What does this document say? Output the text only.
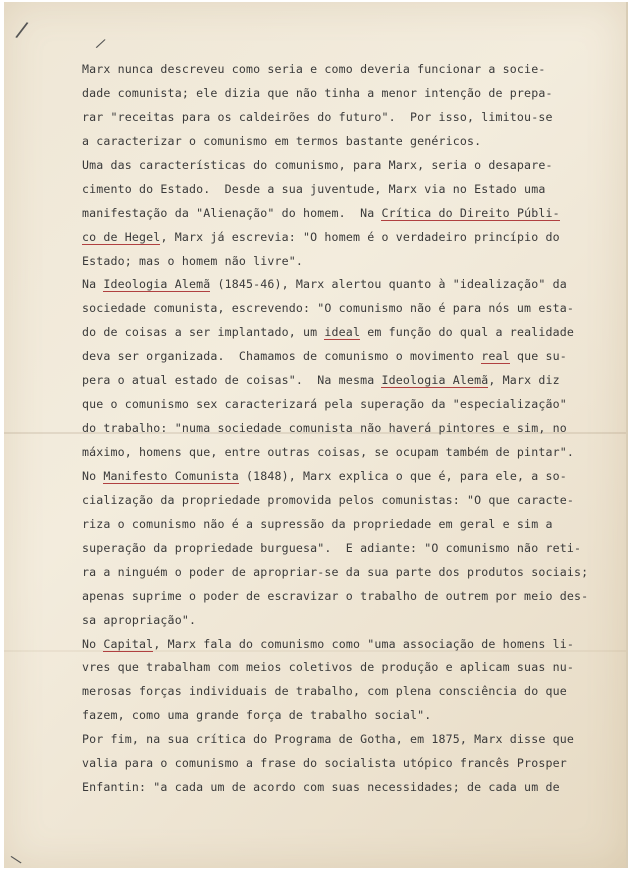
/
/
\
Marx nunca descreveu como seria e como deveria funcionar a socie-
dade comunista; ele dizia que não tinha a menor intenção de prepa-
rar "receitas para os caldeirões do futuro".  Por isso, limitou-se
a caracterizar o comunismo em termos bastante genéricos.
Uma das características do comunismo, para Marx, seria o desapare-
cimento do Estado.  Desde a sua juventude, Marx via no Estado uma
manifestação da "Alienação" do homem.  Na Crítica do Direito Públi-
co de Hegel, Marx já escrevia: "O homem é o verdadeiro princípio do
Estado; mas o homem não livre".
Na Ideologia Alemã (1845-46), Marx alertou quanto à "idealização" da
sociedade comunista, escrevendo: "O comunismo não é para nós um esta-
do de coisas a ser implantado, um ideal em função do qual a realidade
deva ser organizada.  Chamamos de comunismo o movimento real que su-
pera o atual estado de coisas".  Na mesma Ideologia Alemã, Marx diz
que o comunismo sex caracterizará pela superação da "especialização"
do trabalho: "numa sociedade comunista não haverá pintores e sim, no
máximo, homens que, entre outras coisas, se ocupam também de pintar".
No Manifesto Comunista (1848), Marx explica o que é, para ele, a so-
cialização da propriedade promovida pelos comunistas: "O que caracte-
riza o comunismo não é a supressão da propriedade em geral e sim a
superação da propriedade burguesa".  E adiante: "O comunismo não reti-
ra a ninguém o poder de apropriar-se da sua parte dos produtos sociais;
apenas suprime o poder de escravizar o trabalho de outrem por meio des-
sa apropriação".
No Capital, Marx fala do comunismo como "uma associação de homens li-
vres que trabalham com meios coletivos de produção e aplicam suas nu-
merosas forças individuais de trabalho, com plena consciência do que
fazem, como uma grande força de trabalho social".
Por fim, na sua crítica do Programa de Gotha, em 1875, Marx disse que
valia para o comunismo a frase do socialista utópico francês Prosper
Enfantin: "a cada um de acordo com suas necessidades; de cada um de
